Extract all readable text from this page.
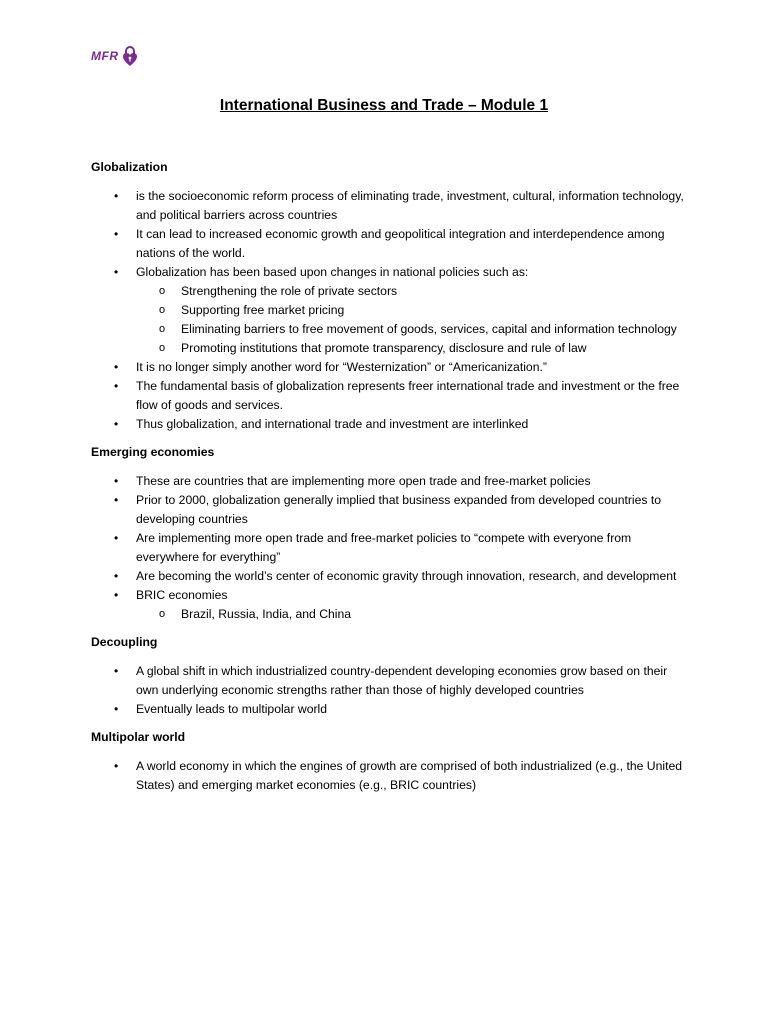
MFR
International Business and Trade – Module 1

Globalization

• is the socioeconomic reform process of eliminating trade, investment, cultural, information technology, and political barriers across countries
• It can lead to increased economic growth and geopolitical integration and interdependence among nations of the world.
• Globalization has been based upon changes in national policies such as:
o Strengthening the role of private sectors
o Supporting free market pricing
o Eliminating barriers to free movement of goods, services, capital and information technology
o Promoting institutions that promote transparency, disclosure and rule of law
• It is no longer simply another word for “Westernization” or “Americanization.”
• The fundamental basis of globalization represents freer international trade and investment or the free flow of goods and services.
• Thus globalization, and international trade and investment are interlinked

Emerging economies

• These are countries that are implementing more open trade and free-market policies
• Prior to 2000, globalization generally implied that business expanded from developed countries to developing countries
• Are implementing more open trade and free-market policies to “compete with everyone from everywhere for everything”
• Are becoming the world’s center of economic gravity through innovation, research, and development
• BRIC economies
o Brazil, Russia, India, and China

Decoupling

• A global shift in which industrialized country-dependent developing economies grow based on their own underlying economic strengths rather than those of highly developed countries
• Eventually leads to multipolar world

Multipolar world

• A world economy in which the engines of growth are comprised of both industrialized (e.g., the United States) and emerging market economies (e.g., BRIC countries)
